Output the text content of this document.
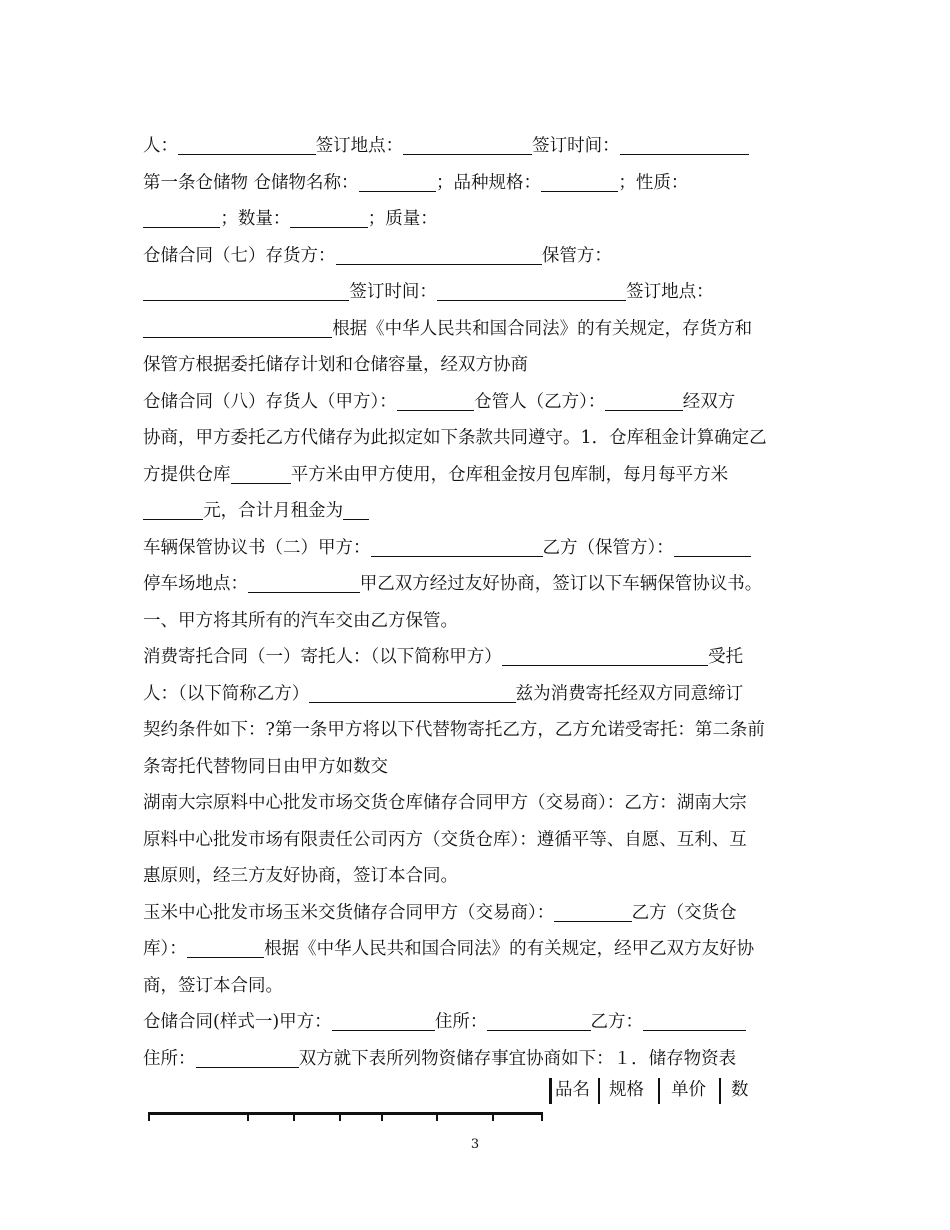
人：	签订地点：	签订时间：
第一条仓储物 仓储物名称：	；品种规格：	；性质：
；数量：	；质量：
仓储合同（七）存货方：	保管方：
签订时间：	签订地点：
根据《中华人民共和国合同法》的有关规定，存货方和
保管方根据委托储存计划和仓储容量，经双方协商
仓储合同（八）存货人（甲方）：	仓管人（乙方）：	经双方
协商，甲方委托乙方代储存为此拟定如下条款共同遵守。1．仓库租金计算确定乙
方提供仓库	平方米由甲方使用，仓库租金按月包库制，每月每平方米
元，合计月租金为
车辆保管协议书（二）甲方：	乙方（保管方）：
停车场地点：	甲乙双方经过友好协商，签订以下车辆保管协议书。
一、甲方将其所有的汽车交由乙方保管。
消费寄托合同（一）寄托人：（以下简称甲方）	受托
人：（以下简称乙方）	兹为消费寄托经双方同意缔订
契约条件如下：?第一条甲方将以下代替物寄托乙方，乙方允诺受寄托：第二条前
条寄托代替物同日由甲方如数交
湖南大宗原料中心批发市场交货仓库储存合同甲方（交易商）：乙方：湖南大宗
原料中心批发市场有限责任公司丙方（交货仓库）：遵循平等、自愿、互利、互
惠原则，经三方友好协商，签订本合同。
玉米中心批发市场玉米交货储存合同甲方（交易商）：	乙方（交货仓
库）：	根据《中华人民共和国合同法》的有关规定，经甲乙双方友好协
商，签订本合同。
仓储合同(样式一)甲方：	住所：	乙方：
住所：	双方就下表所列物资储存事宜协商如下：１．储存物资表
品名 规格 单价 数
3
